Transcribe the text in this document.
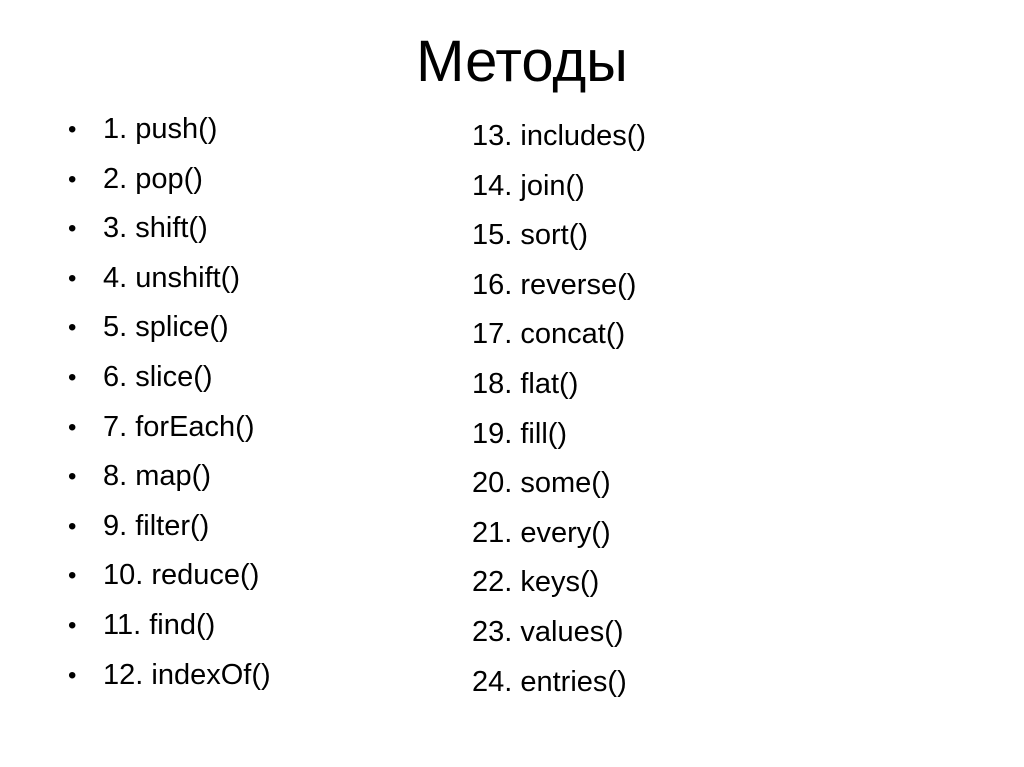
Методы
• 1. push()
• 2. pop()
• 3. shift()
• 4. unshift()
• 5. splice()
• 6. slice()
• 7. forEach()
• 8. map()
• 9. filter()
• 10. reduce()
• 11. find()
• 12. indexOf()
13. includes()
14. join()
15. sort()
16. reverse()
17. concat()
18. flat()
19. fill()
20. some()
21. every()
22. keys()
23. values()
24. entries()
